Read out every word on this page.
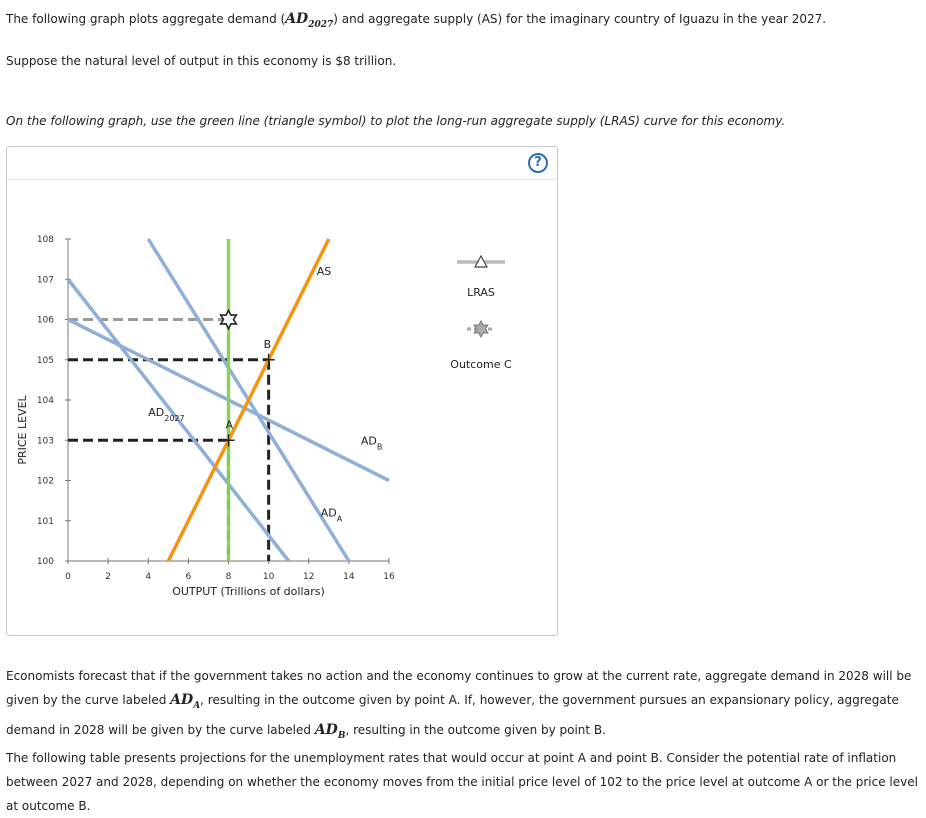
The following graph plots aggregate demand $(AD_{2027})$ and aggregate supply (AS) for the imaginary country of Iguazu in the year 2027.

Suppose the natural level of output in this economy is $8 trillion.

On the following graph, use the green line (triangle symbol) to plot the long-run aggregate supply (LRAS) curve for this economy.

?
0	2	4	6	8	10	12	14	16
100
101
102
103
104
105
106
107
108
OUTPUT (Trillions of dollars)
PRICE LEVEL	$AD_{2027}$
$AD_A$
$AD_B$
AS
A
B
LRAS
Outcome C

Economists forecast that if the government takes no action and the economy continues to grow at the current rate, aggregate demand in 2028 will be given by the curve labeled $AD_A$, resulting in the outcome given by point A. If, however, the government pursues an expansionary policy, aggregate demand in 2028 will be given by the curve labeled $AD_B$, resulting in the outcome given by point B.

The following table presents projections for the unemployment rates that would occur at point A and point B. Consider the potential rate of inflation between 2027 and 2028, depending on whether the economy moves from the initial price level of 102 to the price level at outcome A or the price level at outcome B.
